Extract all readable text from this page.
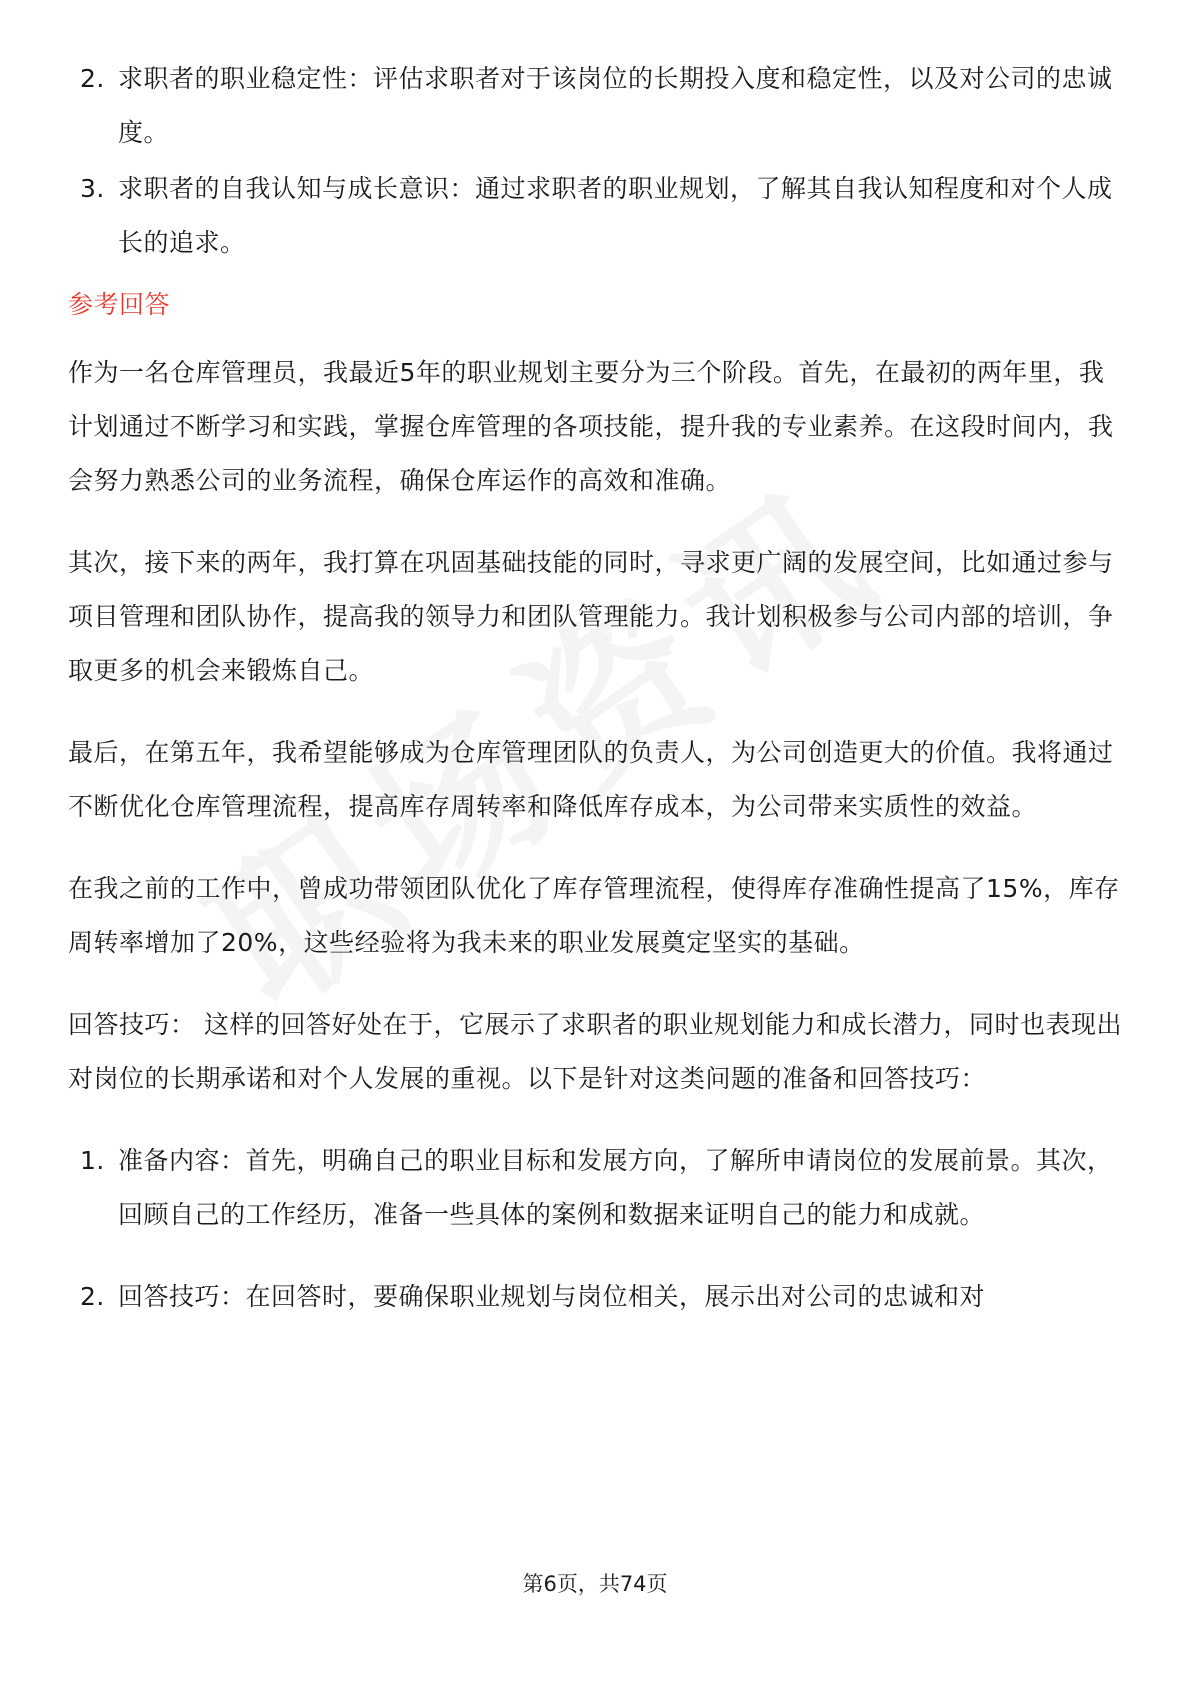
2. 求职者的职业稳定性：评估求职者对于该岗位的长期投入度和稳定性，以及对公司的忠诚度。
3. 求职者的自我认知与成长意识：通过求职者的职业规划，了解其自我认知程度和对个人成长的追求。
参考回答

作为一名仓库管理员，我最近5年的职业规划主要分为三个阶段。首先，在最初的两年里，我计划通过不断学习和实践，掌握仓库管理的各项技能，提升我的专业素养。在这段时间内，我会努力熟悉公司的业务流程，确保仓库运作的高效和准确。

其次，接下来的两年，我打算在巩固基础技能的同时，寻求更广阔的发展空间，比如通过参与项目管理和团队协作，提高我的领导力和团队管理能力。我计划积极参与公司内部的培训，争取更多的机会来锻炼自己。

最后，在第五年，我希望能够成为仓库管理团队的负责人，为公司创造更大的价值。我将通过不断优化仓库管理流程，提高库存周转率和降低库存成本，为公司带来实质性的效益。

在我之前的工作中，曾成功带领团队优化了库存管理流程，使得库存准确性提高了15%，库存周转率增加了20%，这些经验将为我未来的职业发展奠定坚实的基础。

回答技巧： 这样的回答好处在于，它展示了求职者的职业规划能力和成长潜力，同时也表现出对岗位的长期承诺和对个人发展的重视。以下是针对这类问题的准备和回答技巧：

1. 准备内容：首先，明确自己的职业目标和发展方向，了解所申请岗位的发展前景。其次，回顾自己的工作经历，准备一些具体的案例和数据来证明自己的能力和成就。
2. 回答技巧：在回答时，要确保职业规划与岗位相关，展示出对公司的忠诚和对
第6页，共74页
